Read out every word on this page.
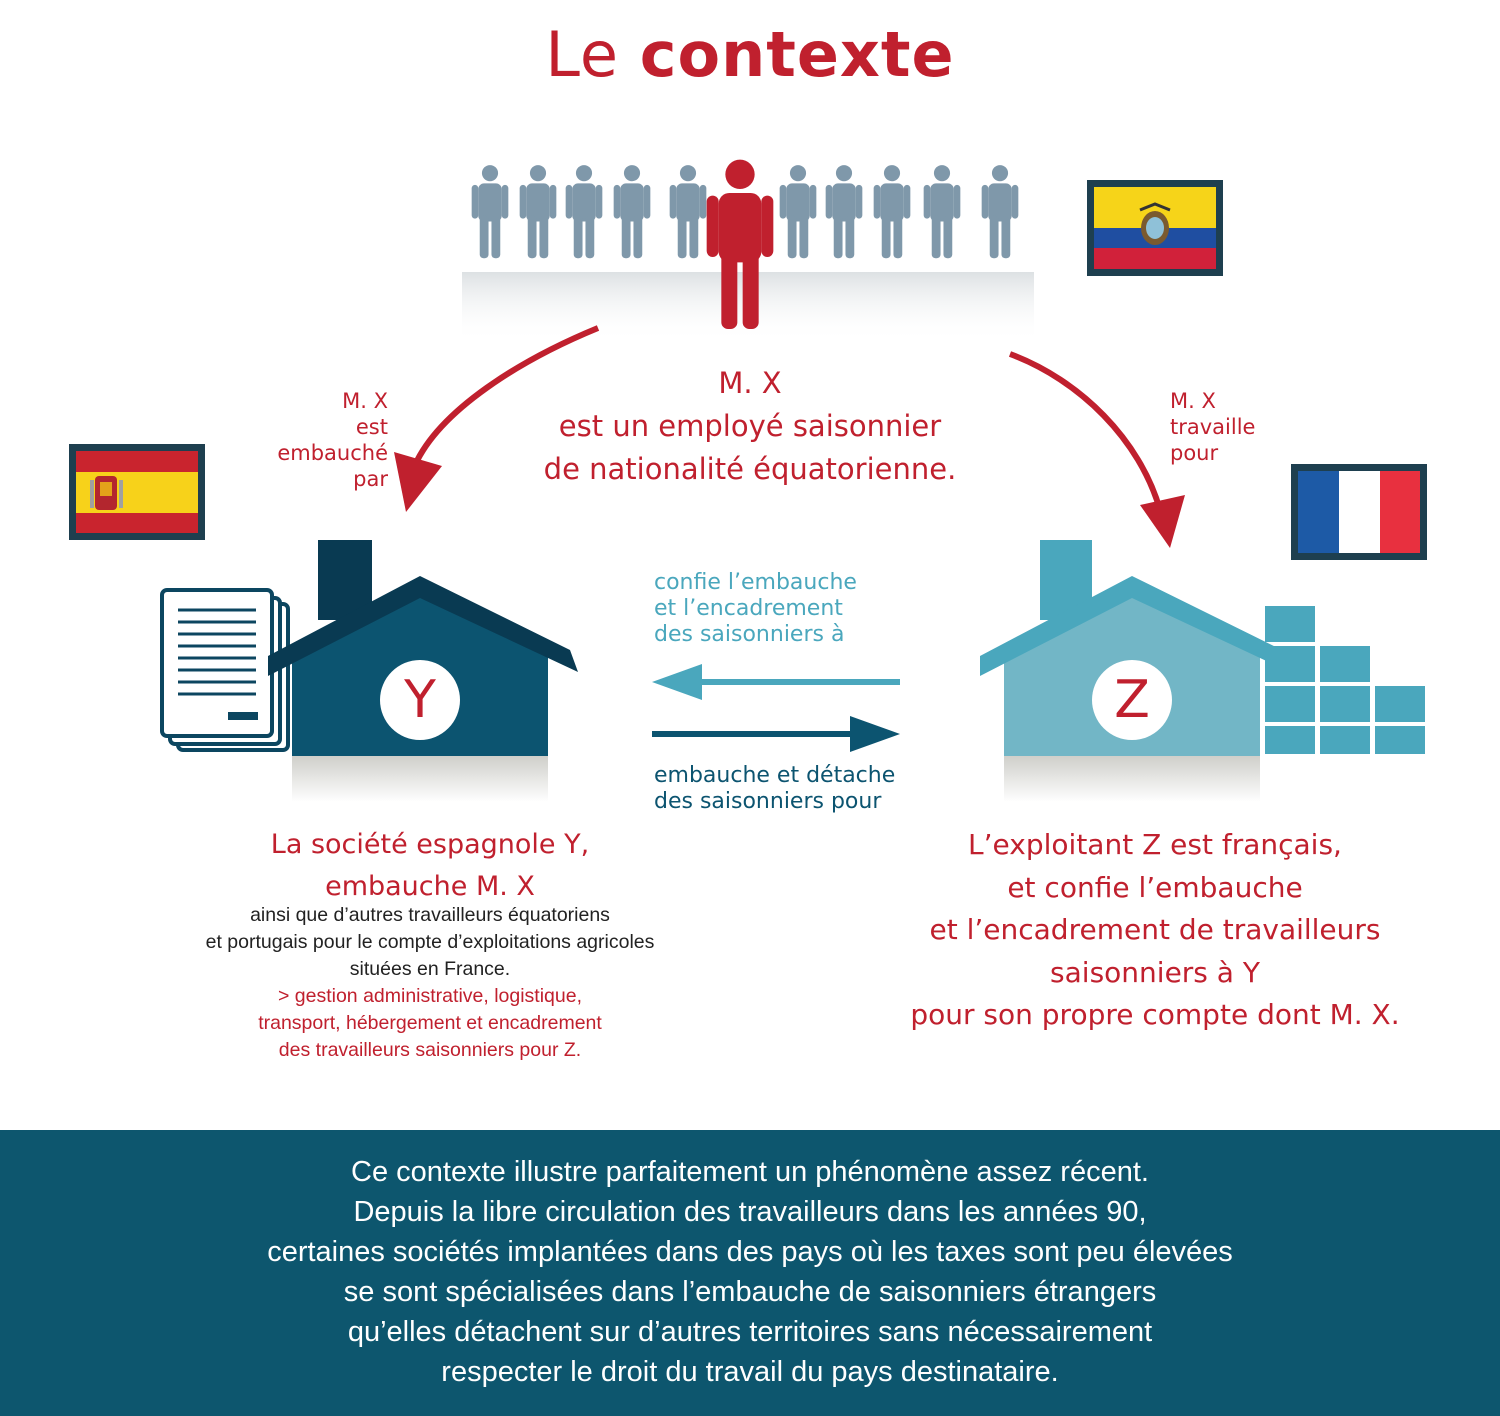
Le contexte
Y	Z
M. X
est un employé saisonnier
de nationalité équatorienne.
M. X
est
embauché
par
M. X
travaille
pour
confie l’embauche
et l’encadrement
des saisonniers à
embauche et détache
des saisonniers pour
La société espagnole Y,
embauche M. X
ainsi que d’autres travailleurs équatoriens
et portugais pour le compte d’exploitations agricoles
situées en France.
> gestion administrative, logistique,
transport, hébergement et encadrement
des travailleurs saisonniers pour Z.
L’exploitant Z est français,
et confie l’embauche
et l’encadrement de travailleurs
saisonniers à Y
pour son propre compte dont M. X.
Ce contexte illustre parfaitement un phénomène assez récent.
Depuis la libre circulation des travailleurs dans les années 90,
certaines sociétés implantées dans des pays où les taxes sont peu élevées
se sont spécialisées dans l’embauche de saisonniers étrangers
qu’elles détachent sur d’autres territoires sans nécessairement
respecter le droit du travail du pays destinataire.
